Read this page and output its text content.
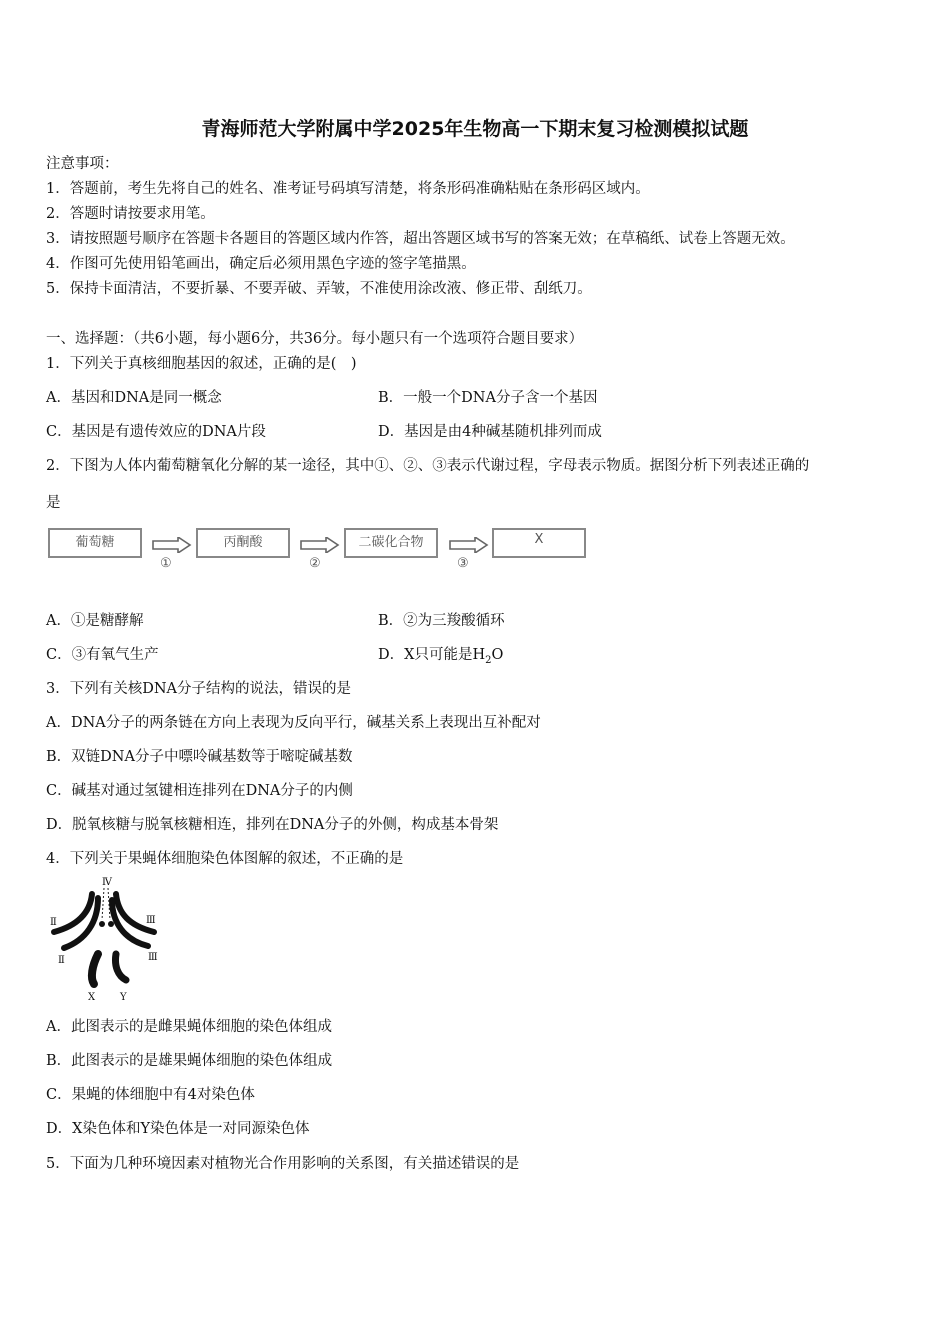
青海师范大学附属中学2025年生物高一下期末复习检测模拟试题
注意事项：
1．答题前，考生先将自己的姓名、准考证号码填写清楚，将条形码准确粘贴在条形码区域内。
2．答题时请按要求用笔。
3．请按照题号顺序在答题卡各题目的答题区域内作答，超出答题区域书写的答案无效；在草稿纸、试卷上答题无效。
4．作图可先使用铅笔画出，确定后必须用黑色字迹的签字笔描黑。
5．保持卡面清洁，不要折暴、不要弄破、弄皱，不准使用涂改液、修正带、刮纸刀。
一、选择题：（共6小题，每小题6分，共36分。每小题只有一个选项符合题目要求）
1．下列关于真核细胞基因的叙述，正确的是(　)
A．基因和DNA是同一概念	B．一般一个DNA分子含一个基因
C．基因是有遗传效应的DNA片段	D．基因是由4种碱基随机排列而成
2．下图为人体内葡萄糖氧化分解的某一途径，其中①、②、③表示代谢过程，字母表示物质。据图分析下列表述正确的
是
葡萄糖
①
丙酮酸
②
二碳化合物
③
X
A．①是糖酵解	B．②为三羧酸循环
C．③有氧气生产	D．X只可能是$H_2O$
3．下列有关核DNA分子结构的说法，错误的是
A．DNA分子的两条链在方向上表现为反向平行，碱基关系上表现出互补配对
B．双链DNA分子中嘌呤碱基数等于嘧啶碱基数
C．碱基对通过氢键相连排列在DNA分子的内侧
D．脱氧核糖与脱氧核糖相连，排列在DNA分子的外侧，构成基本骨架
4．下列关于果蝇体细胞染色体图解的叙述，不正确的是
Ⅳ
Ⅱ	Ⅲ
Ⅱ	Ⅲ
X Y
A．此图表示的是雌果蝇体细胞的染色体组成
B．此图表示的是雄果蝇体细胞的染色体组成
C．果蝇的体细胞中有4对染色体
D．X染色体和Y染色体是一对同源染色体
5．下面为几种环境因素对植物光合作用影响的关系图，有关描述错误的是
